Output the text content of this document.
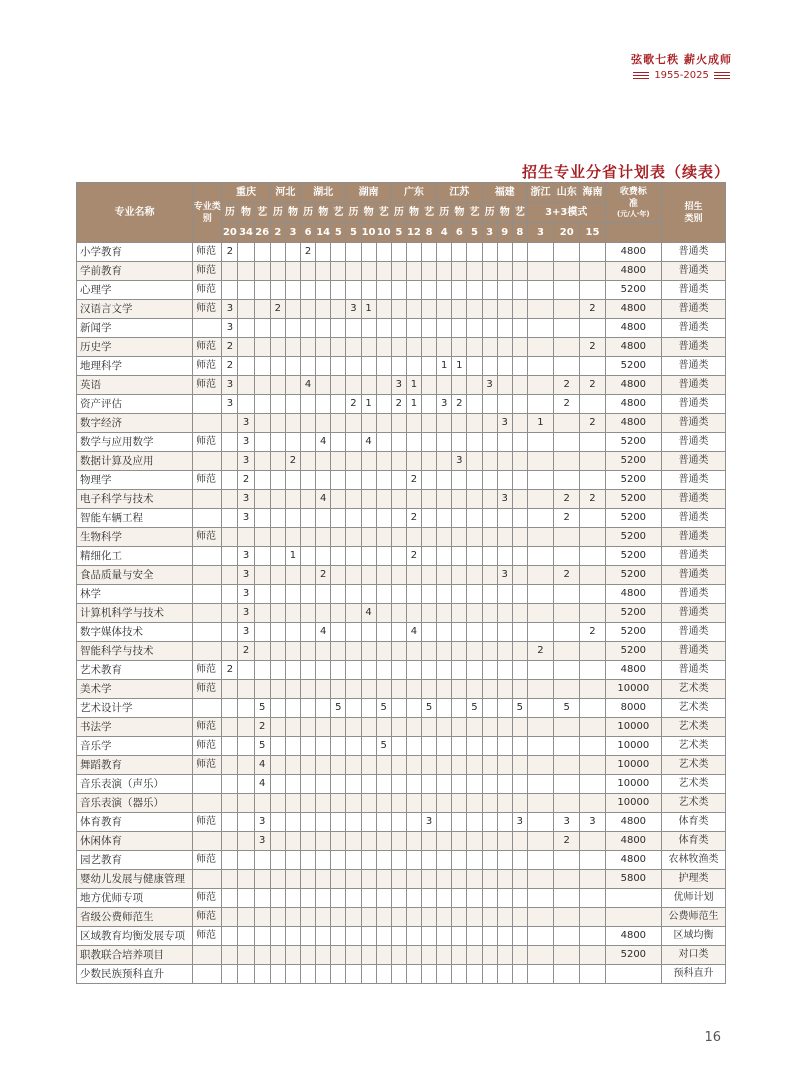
弦歌七秩 薪火成师
1955-2025
招生专业分省计划表（续表）
专业名称	专业类别	重庆			河北		湖北			湖南			广东			江苏			福建			浙江	山东	海南	收费标准
(元/人·年)	招生类别
		历	物	艺	历	物	历	物	艺	历	物	艺	历	物	艺	历	物	艺	历	物	艺	3+3模式				
		20	34	26	2	3	6	14	5	5	10	10	5	12	8	4	6	5	3	9	8	3	20	15		
小学教育	师范	2					2																		4800	普通类
学前教育	师范																								4800	普通类
心理学	师范																								5200	普通类
汉语言文学	师范	3			2					3	1													2	4800	普通类
新闻学		3																							4800	普通类
历史学	师范	2																						2	4800	普通类
地理科学	师范	2														1	1								5200	普通类
英语	师范	3					4						3	1					3				2	2	4800	普通类
资产评估		3								2	1		2	1		3	2						2		4800	普通类
数字经济			3																	3		1		2	4800	普通类
数学与应用数学	师范		3					4			4														5200	普通类
数据计算及应用			3			2											3								5200	普通类
物理学	师范		2											2											5200	普通类
电子科学与技术			3					4												3			2	2	5200	普通类
智能车辆工程			3											2									2		5200	普通类
生物科学	师范																								5200	普通类
精细化工			3			1								2											5200	普通类
食品质量与安全			3					2												3			2		5200	普通类
林学			3																						4800	普通类
计算机科学与技术			3								4														5200	普通类
数字媒体技术			3					4						4										2	5200	普通类
智能科学与技术			2																			2			5200	普通类
艺术教育	师范	2																							4800	普通类
美术学	师范																								10000	艺术类
艺术设计学				5					5			5			5			5			5		5		8000	艺术类
书法学	师范			2																					10000	艺术类
音乐学	师范			5								5													10000	艺术类
舞蹈教育	师范			4																					10000	艺术类
音乐表演（声乐）				4																					10000	艺术类
音乐表演（器乐）																									10000	艺术类
体育教育	师范			3											3						3		3	3	4800	体育类
休闲体育				3																			2		4800	体育类
园艺教育	师范																								4800	农林牧渔类
婴幼儿发展与健康管理																									5800	护理类
地方优师专项	师范																									优师计划
省级公费师范生	师范																									公费师范生
区域教育均衡发展专项	师范																								4800	区域均衡
职教联合培养项目																									5200	对口类
少数民族预科直升																										预科直升
16
